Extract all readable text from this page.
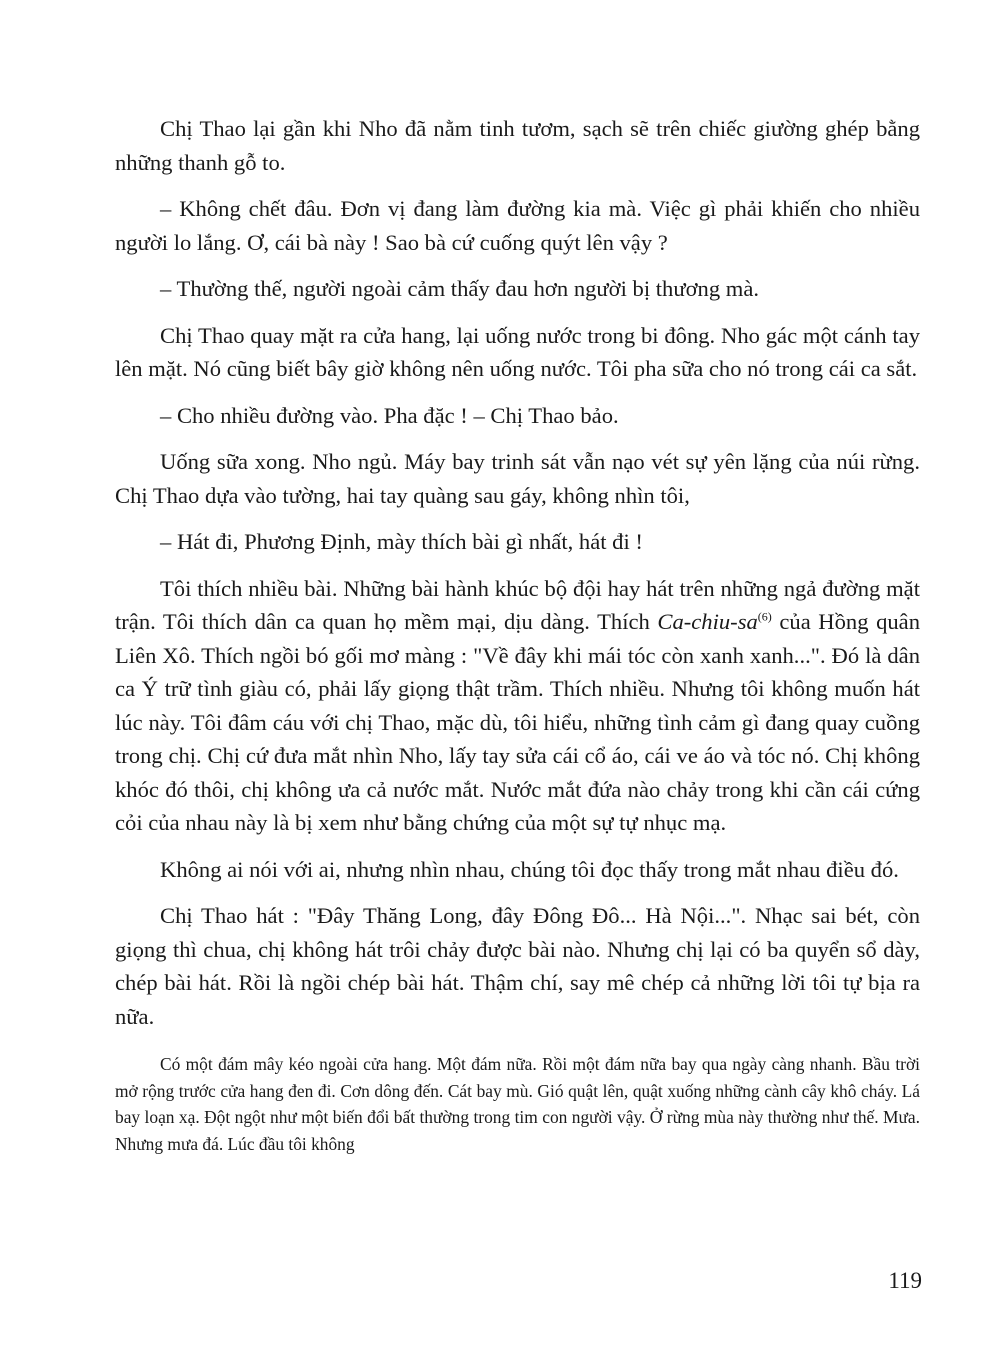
Chị Thao lại gần khi Nho đã nằm tinh tươm, sạch sẽ trên chiếc giường ghép bằng những thanh gỗ to.

– Không chết đâu. Đơn vị đang làm đường kia mà. Việc gì phải khiến cho nhiều người lo lắng. Ơ, cái bà này ! Sao bà cứ cuống quýt lên vậy ?

– Thường thế, người ngoài cảm thấy đau hơn người bị thương mà.

Chị Thao quay mặt ra cửa hang, lại uống nước trong bi đông. Nho gác một cánh tay lên mặt. Nó cũng biết bây giờ không nên uống nước. Tôi pha sữa cho nó trong cái ca sắt.

– Cho nhiều đường vào. Pha đặc ! – Chị Thao bảo.

Uống sữa xong. Nho ngủ. Máy bay trinh sát vẫn nạo vét sự yên lặng của núi rừng. Chị Thao dựa vào tường, hai tay quàng sau gáy, không nhìn tôi,

– Hát đi, Phương Định, mày thích bài gì nhất, hát đi !

Tôi thích nhiều bài. Những bài hành khúc bộ đội hay hát trên những ngả đường mặt trận. Tôi thích dân ca quan họ mềm mại, dịu dàng. Thích $Ca-chiu-sa^{(6)}$ của Hồng quân Liên Xô. Thích ngồi bó gối mơ màng : "Về đây khi mái tóc còn xanh xanh...". Đó là dân ca Ý trữ tình giàu có, phải lấy giọng thật trầm. Thích nhiều. Nhưng tôi không muốn hát lúc này. Tôi đâm cáu với chị Thao, mặc dù, tôi hiểu, những tình cảm gì đang quay cuồng trong chị. Chị cứ đưa mắt nhìn Nho, lấy tay sửa cái cổ áo, cái ve áo và tóc nó. Chị không khóc đó thôi, chị không ưa cả nước mắt. Nước mắt đứa nào chảy trong khi cần cái cứng cỏi của nhau này là bị xem như bằng chứng của một sự tự nhục mạ.

Không ai nói với ai, nhưng nhìn nhau, chúng tôi đọc thấy trong mắt nhau điều đó.

Chị Thao hát : "Đây Thăng Long, đây Đông Đô... Hà Nội...". Nhạc sai bét, còn giọng thì chua, chị không hát trôi chảy được bài nào. Nhưng chị lại có ba quyển sổ dày, chép bài hát. Rồi là ngồi chép bài hát. Thậm chí, say mê chép cả những lời tôi tự bịa ra nữa.

Có một đám mây kéo ngoài cửa hang. Một đám nữa. Rồi một đám nữa bay qua ngày càng nhanh. Bầu trời mở rộng trước cửa hang đen đi. Cơn dông đến. Cát bay mù. Gió quật lên, quật xuống những cành cây khô cháy. Lá bay loạn xạ. Đột ngột như một biến đổi bất thường trong tim con người vậy. Ở rừng mùa này thường như thế. Mưa. Nhưng mưa đá. Lúc đầu tôi không

119
